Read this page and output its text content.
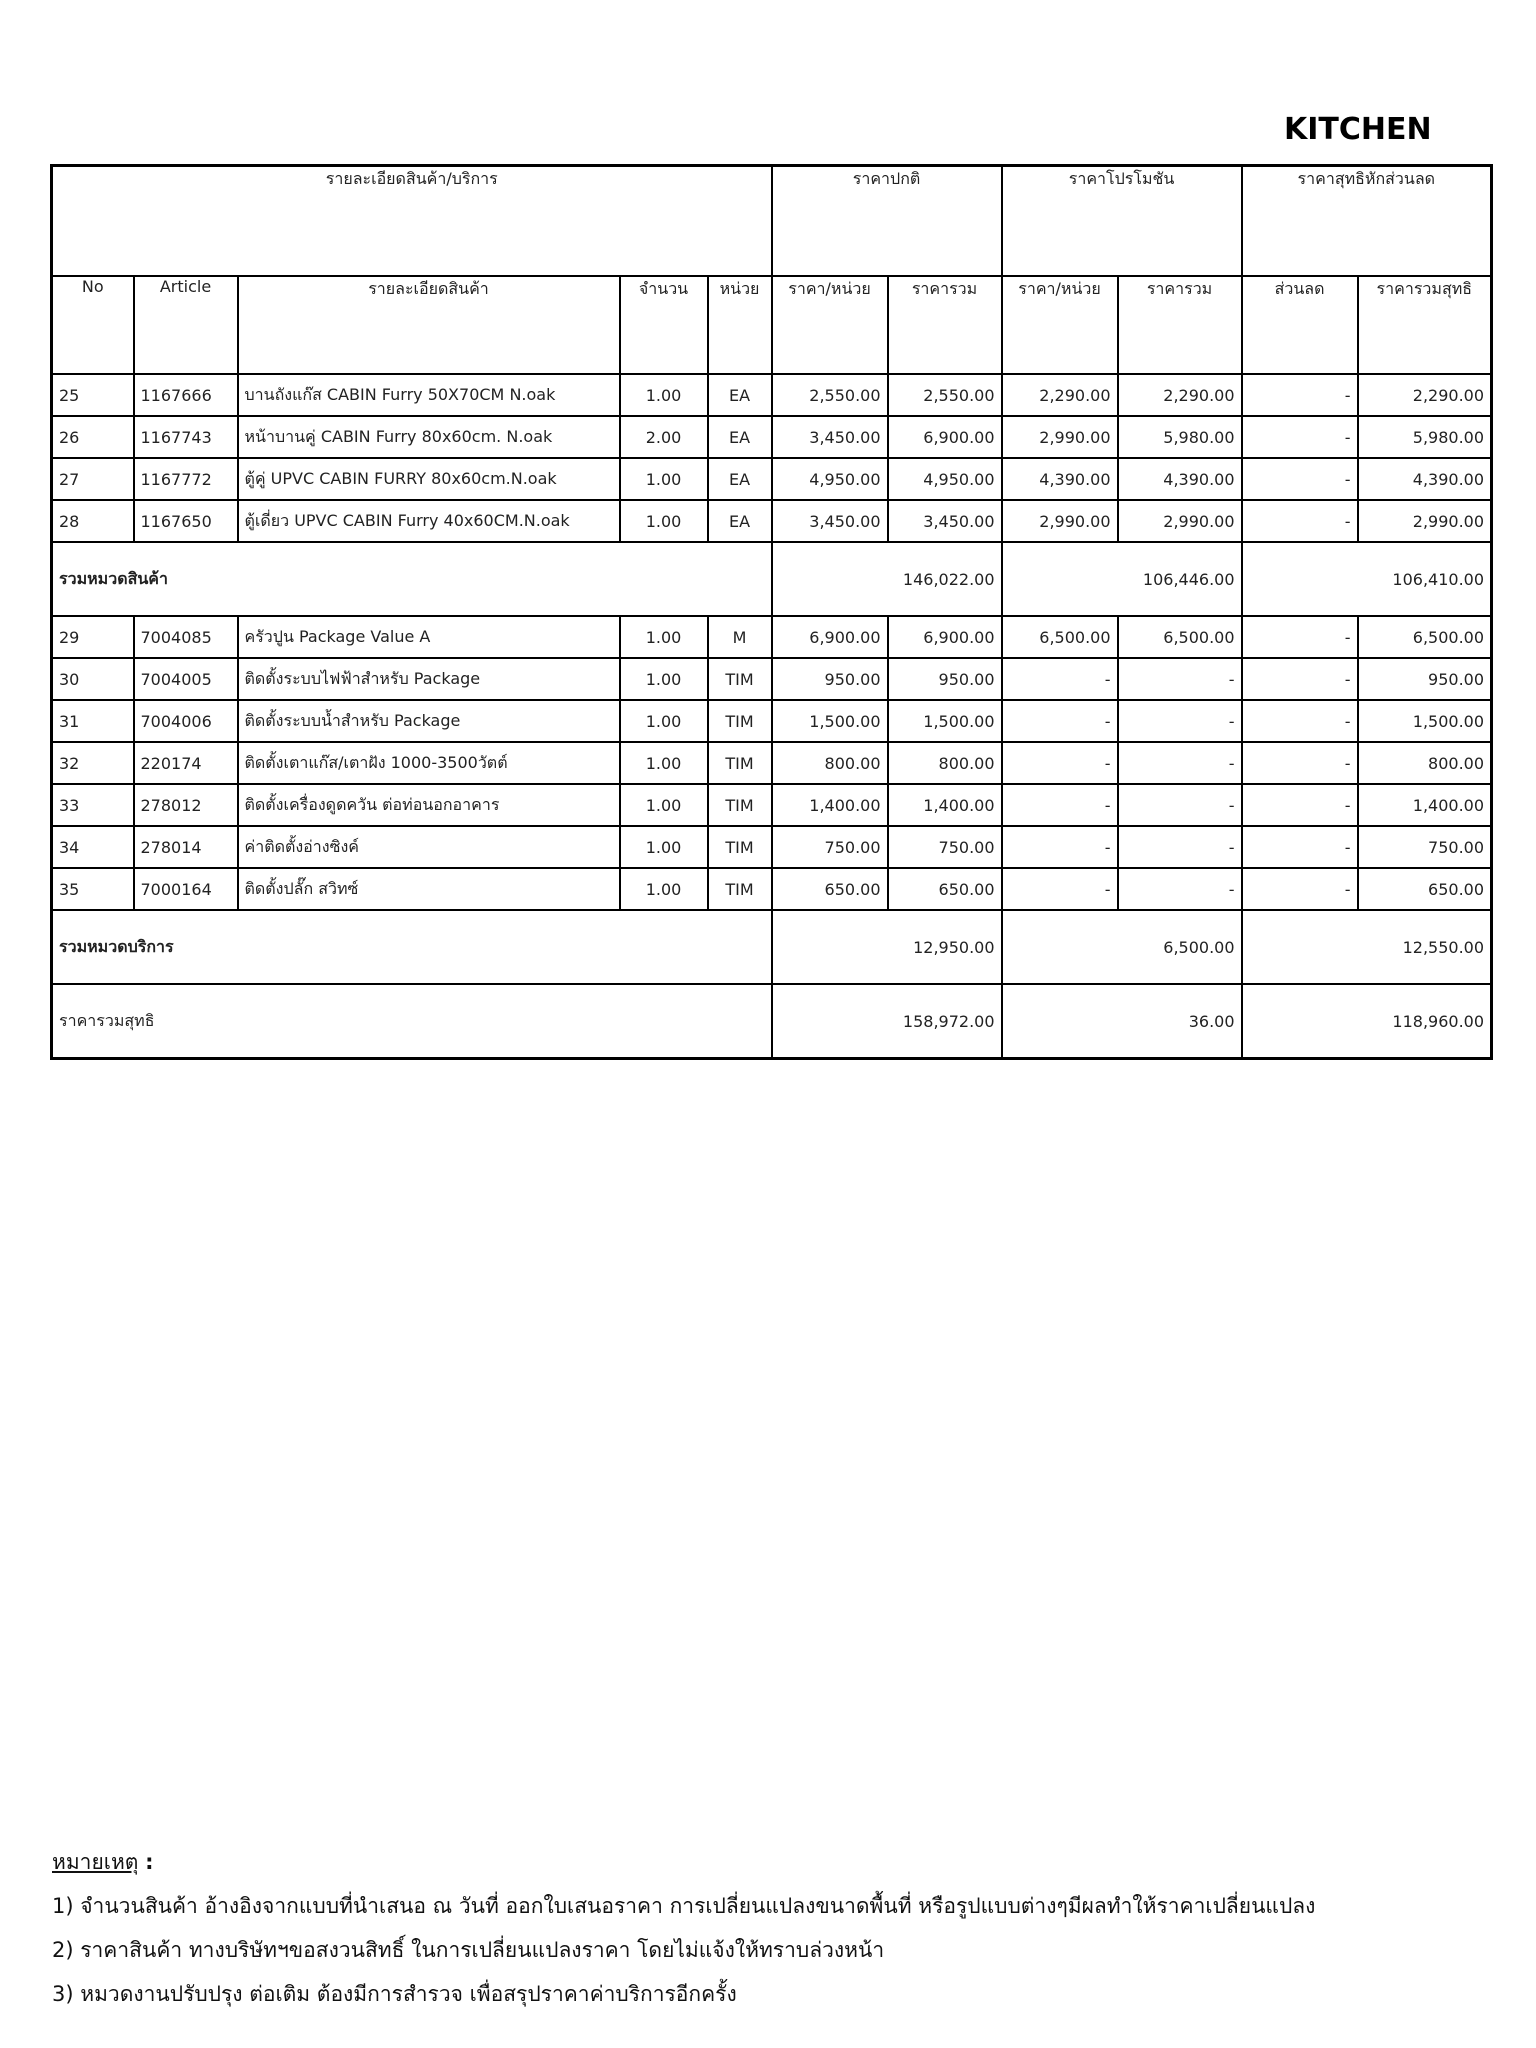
KITCHEN
รายละเอียดสินค้า/บริการ					ราคาปกติ		ราคาโปรโมชัน		ราคาสุทธิหักส่วนลด	
No	Article	รายละเอียดสินค้า	จำนวน	หน่วย	ราคา/หน่วย	ราคารวม	ราคา/หน่วย	ราคารวม	ส่วนลด	ราคารวมสุทธิ
25	1167666	บานถังแก๊ส CABIN Furry 50X70CM N.oak	1.00	EA	2,550.00	2,550.00	2,290.00	2,290.00	-	2,290.00
26	1167743	หน้าบานคู่ CABIN Furry 80x60cm. N.oak	2.00	EA	3,450.00	6,900.00	2,990.00	5,980.00	-	5,980.00
27	1167772	ตู้คู่ UPVC CABIN FURRY 80x60cm.N.oak	1.00	EA	4,950.00	4,950.00	4,390.00	4,390.00	-	4,390.00
28	1167650	ตู้เดี่ยว UPVC CABIN Furry 40x60CM.N.oak	1.00	EA	3,450.00	3,450.00	2,990.00	2,990.00	-	2,990.00
รวมหมวดสินค้า					146,022.00		106,446.00		106,410.00	
29	7004085	ครัวปูน Package Value A	1.00	M	6,900.00	6,900.00	6,500.00	6,500.00	-	6,500.00
30	7004005	ติดตั้งระบบไฟฟ้าสำหรับ Package	1.00	TIM	950.00	950.00	-	-	-	950.00
31	7004006	ติดตั้งระบบน้ำสำหรับ Package	1.00	TIM	1,500.00	1,500.00	-	-	-	1,500.00
32	220174	ติดตั้งเตาแก๊ส/เตาฝัง 1000-3500วัตต์	1.00	TIM	800.00	800.00	-	-	-	800.00
33	278012	ติดตั้งเครื่องดูดควัน ต่อท่อนอกอาคาร	1.00	TIM	1,400.00	1,400.00	-	-	-	1,400.00
34	278014	ค่าติดตั้งอ่างซิงค์	1.00	TIM	750.00	750.00	-	-	-	750.00
35	7000164	ติดตั้งปลั๊ก สวิทซ์	1.00	TIM	650.00	650.00	-	-	-	650.00
รวมหมวดบริการ					12,950.00		6,500.00		12,550.00	
ราคารวมสุทธิ					158,972.00		36.00		118,960.00	
หมายเหตุ :
1) จำนวนสินค้า อ้างอิงจากแบบที่นำเสนอ ณ วันที่ ออกใบเสนอราคา การเปลี่ยนแปลงขนาดพื้นที่ หรือรูปแบบต่างๆมีผลทำให้ราคาเปลี่ยนแปลง
2) ราคาสินค้า ทางบริษัทฯขอสงวนสิทธิ์ ในการเปลี่ยนแปลงราคา โดยไม่แจ้งให้ทราบล่วงหน้า
3) หมวดงานปรับปรุง ต่อเติม ต้องมีการสำรวจ เพื่อสรุปราคาค่าบริการอีกครั้ง
